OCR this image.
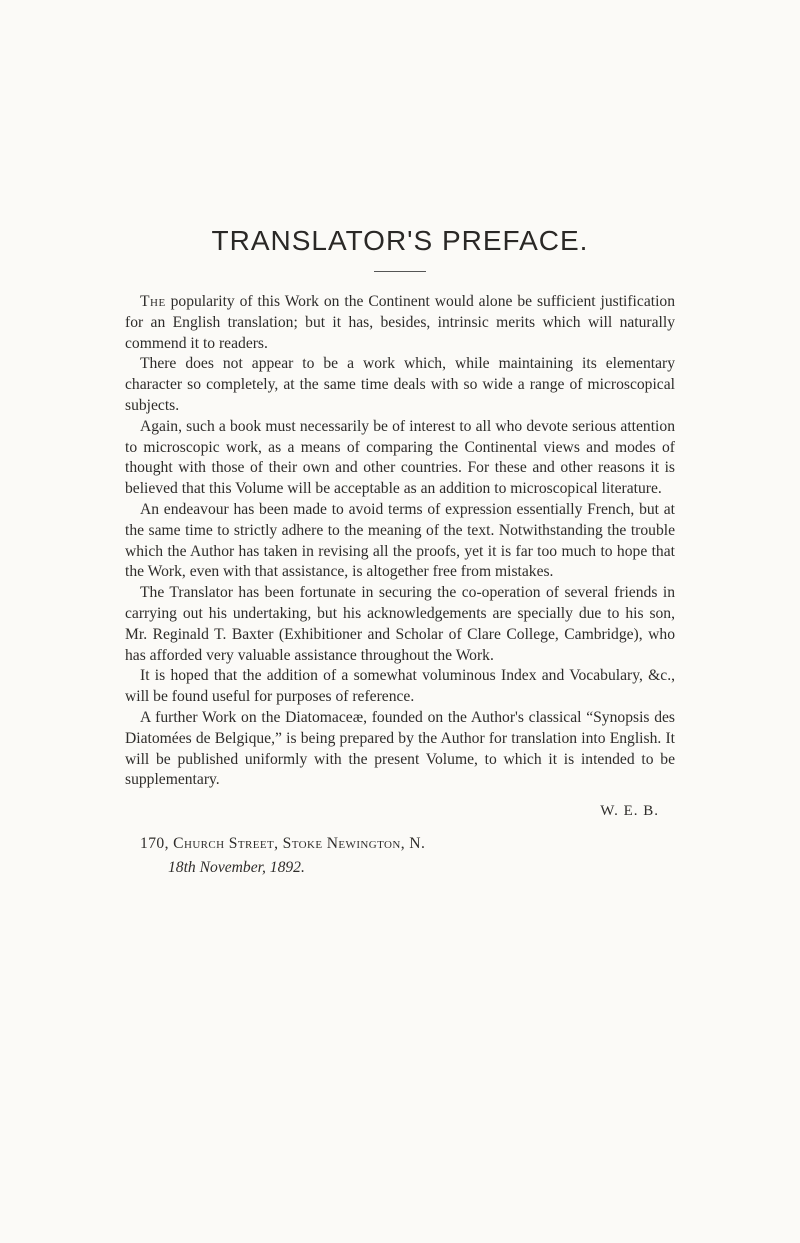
TRANSLATOR'S PREFACE.

The popularity of this Work on the Continent would alone be sufficient justification for an English translation; but it has, besides, intrinsic merits which will naturally commend it to readers.

There does not appear to be a work which, while maintaining its elementary character so completely, at the same time deals with so wide a range of microscopical subjects.

Again, such a book must necessarily be of interest to all who devote serious attention to microscopic work, as a means of comparing the Continental views and modes of thought with those of their own and other countries. For these and other reasons it is believed that this Volume will be acceptable as an addition to microscopical literature.

An endeavour has been made to avoid terms of expression essentially French, but at the same time to strictly adhere to the meaning of the text. Notwithstanding the trouble which the Author has taken in revising all the proofs, yet it is far too much to hope that the Work, even with that assistance, is altogether free from mistakes.

The Translator has been fortunate in securing the co-operation of several friends in carrying out his undertaking, but his acknowledgements are specially due to his son, Mr. Reginald T. Baxter (Exhibitioner and Scholar of Clare College, Cambridge), who has afforded very valuable assistance throughout the Work.

It is hoped that the addition of a somewhat voluminous Index and Vocabulary, &c., will be found useful for purposes of reference.

A further Work on the Diatomaceæ, founded on the Author's classical “Synopsis des Diatomées de Belgique,” is being prepared by the Author for translation into English. It will be published uniformly with the present Volume, to which it is intended to be supplementary.

W. E. B.
170, Church Street, Stoke Newington, N.
18th November, 1892.
